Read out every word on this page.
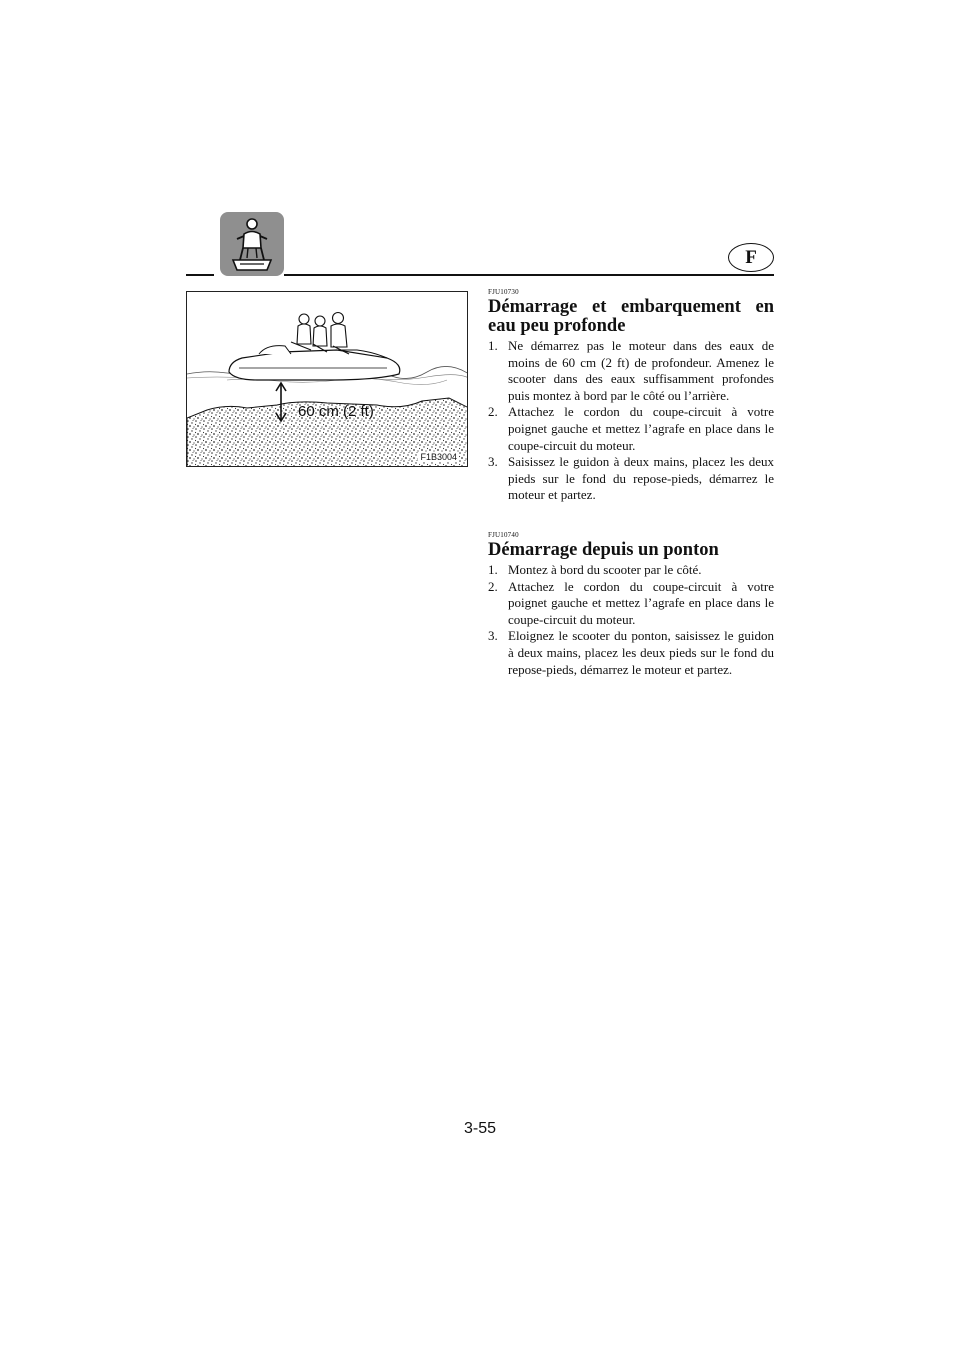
F
60 cm (2 ft)
F1B3004
FJU10730
Démarrage et embarquement en eau peu profonde
1. Ne démarrez pas le moteur dans des eaux de moins de 60 cm (2 ft) de profondeur. Amenez le scooter dans des eaux suffisamment profondes puis montez à bord par le côté ou l’arrière.
2. Attachez le cordon du coupe-circuit à votre poignet gauche et mettez l’agrafe en place dans le coupe-circuit du moteur.
3. Saisissez le guidon à deux mains, placez les deux pieds sur le fond du repose-pieds, démarrez le moteur et partez.
FJU10740
Démarrage depuis un ponton
1. Montez à bord du scooter par le côté.
2. Attachez le cordon du coupe-circuit à votre poignet gauche et mettez l’agrafe en place dans le coupe-circuit du moteur.
3. Eloignez le scooter du ponton, saisissez le guidon à deux mains, placez les deux pieds sur le fond du repose-pieds, démarrez le moteur et partez.
3-55
